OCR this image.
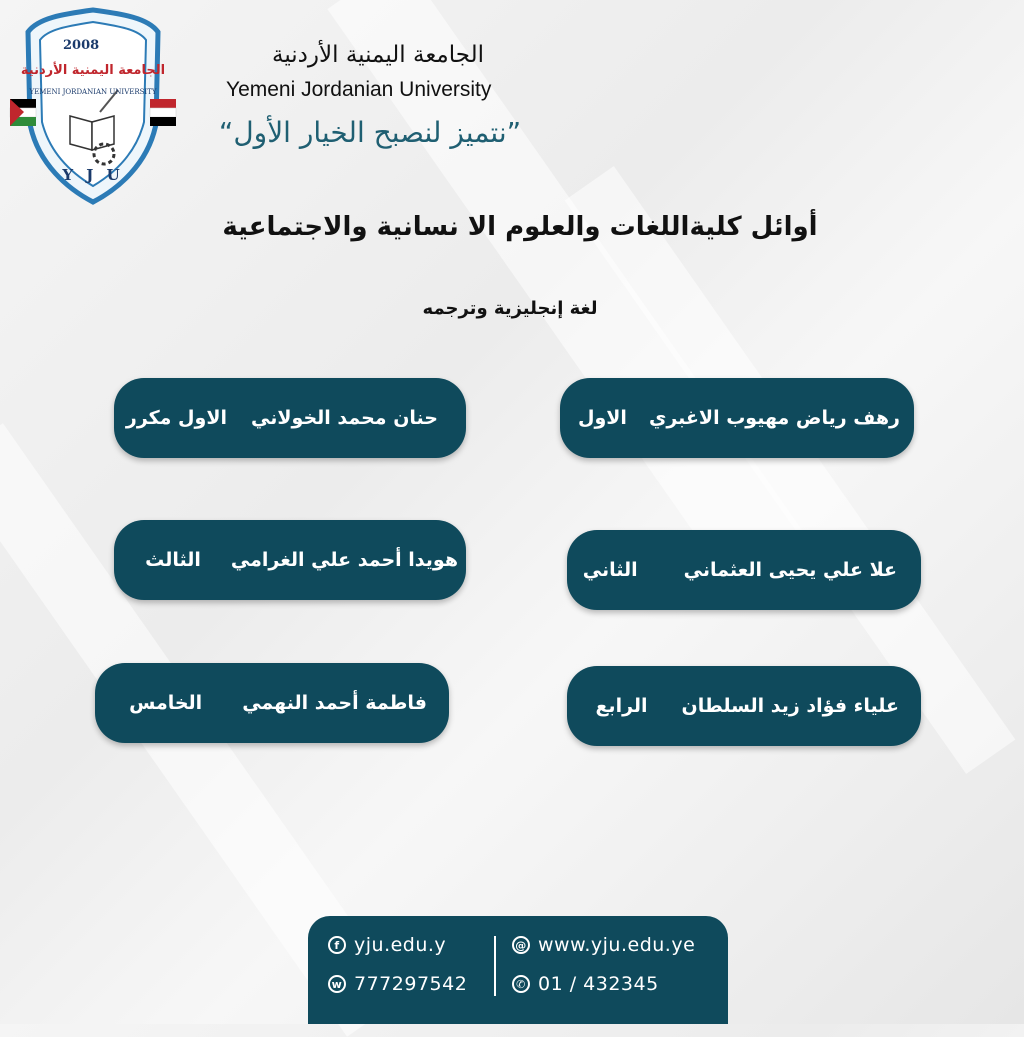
2008
الجامعة اليمنية الأردنية
YEMENI JORDANIAN UNIVERSITY
Y J U
الجامعة اليمنية الأردنية
Yemeni Jordanian University
”نتميز لنصبح الخيار الأول“
أوائل كليةاللغات والعلوم الا نسانية والاجتماعية
لغة إنجليزية وترجمه
رهف رياض مهيوب الاغبري
الاول
حنان محمد الخولاني
الاول مكرر
علا علي يحيى العثماني
الثاني
هويدا أحمد علي الغرامي
الثالث
علياء فؤاد زيد السلطان
الرابع
فاطمة أحمد النهمي
الخامس
f yju.edu.y	@ www.yju.edu.ye
w 777297542	✆ 01 / 432345
